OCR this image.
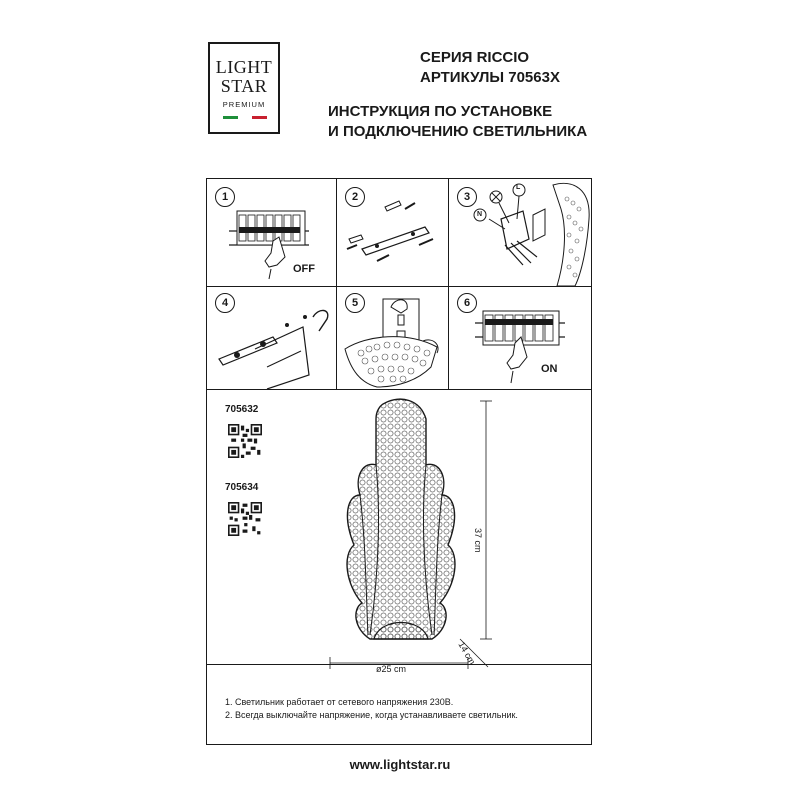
LIGHT
STAR
PREMIUM
СЕРИЯ RICCIO
АРТИКУЛЫ 70563X
ИНСТРУКЦИЯ ПО УСТАНОВКЕ
И ПОДКЛЮЧЕНИЮ СВЕТИЛЬНИКА
1
OFF
2	3
L
N
4	5	6
ON
705632
705634
37 cm
ø25 cm
14 cm
1. Светильник работает от сетевого напряжения 230В.
2. Всегда выключайте напряжение, когда устанавливаете светильник.
www.lightstar.ru
